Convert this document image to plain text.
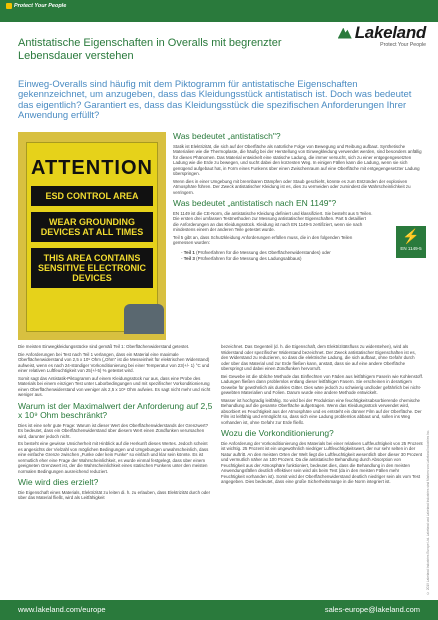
Protect Your People
Lakeland
Protect Your People
Antistatische Eigenschaften in Overalls mit begrenzter Lebensdauer verstehen
Einweg-Overalls sind häufig mit dem Piktogramm für antistatische Eigenschaften gekennzeichnet, um anzugeben, dass das Kleidungsstück antistatisch ist. Doch was bedeutet das eigentlich? Garantiert es, dass das Kleidungsstück die spezifischen Anforderungen Ihrer Anwendung erfüllt?
ATTENTION
ESD CONTROL AREA
WEAR GROUNDING DEVICES AT ALL TIMES
THIS AREA CONTAINS SENSITIVE ELECTRONIC DEVICES
Was bedeutet „antistatisch"?

Statik ist Elektrizität, die sich auf der Oberfläche als natürliche Folge von Bewegung und Reibung aufbaut. Synthetische Materialien wie die Thermoplaste, die häufig bei der Herstellung von Einwegkleidung verwendet werden, sind besonders anfällig für dieses Phänomen. Das Material entwickelt eine statische Ladung, die immer versucht, sich zu einer entgegengesetzten Ladung wie die Erde zu bewegen, und sucht dabei den kürzesten Weg. In einigen Fällen kann die Ladung, wenn sie sich genügend aufgebaut hat, in Form eines Funkens über einen Zwischenraum auf eine Oberfläche mit entgegengesetzter Ladung überspringen.

Wenn dies in einer Umgebung mit brennbaren Dämpfen oder Staub geschieht, könnte es zum Entzünden der explosiven Atmosphäre führen. Der Zweck antistatischer Kleidung ist es, dies zu vermeiden oder zumindest die Wahrscheinlichkeit zu verringern.

Was bedeutet „antistatisch nach EN 1149"?

EN 1149 ist die CE-Norm, die antistatische Kleidung definiert und klassifiziert. Sie besteht aus 5 Teilen. Die ersten drei umfassen Testmethoden zur Messung antistatischer Eigenschaften. Part 5 detailliert die Anforderungen an das Kleidungsstück. Kleidung ist nach EN 1149-5 zertifiziert, wenn sie nach mindestens einem der anderen Teile getestet wurde.

Teil 5 gibt an, dass Schutzkleidung Anforderungen erfüllen muss, die in den folgenden Teilen gemessen wurden:

- Teil 1 (Prüfverfahren für die Messung des Oberflächenwiderstandes) oder
- Teil 3 (Prüfverfahren für die Messung des Ladungsabbaus)
⚡
EN 1149-5

Die meisten Einwegkleidungsstücke sind gemäß Teil 1: Oberflächenwiderstand getestet.

Die Anforderungen bei Test nach Teil 1 verlangen, dass ein Material eine maximale Oberflächenwiderstand von 2,5 x 10⁹ Ohm („Ohm" ist die Messeinheit für elektrischen Widerstand) aufweist, wenn es nach 24-stündiger Vorkonditionierung bei einer Temperatur von 23(+/- 1) °C und einer relativen Luftfeuchtigkeit von 25(+/-5) % getestet wird.

Somit sagt das Antistatik-Piktogramm auf einem Kleidungsstück nur aus, dass eine Probe des Materials bei einem einzigen Test unter Laborbedingungen und mit spezifischer Vorkonditionierung einen Oberflächenwiderstand von weniger als 2,5 x 10⁹ Ohm aufwies. Es sagt nicht mehr und nicht weniger aus.

Warum ist der Maximalwert der Anforderung auf 2,5 x 10⁹ Ohm beschränkt?

Dies ist eine sehr gute Frage: Warum ist dieser Wert des Oberflächenwiderstands der Grenzwert? Es bedeutet, dass ein Oberflächenwiderstand über diesem Wert einen Zündfunken verursachen wird, darunter jedoch nicht.

Es besteht eine gewisse Unsicherheit mit Hinblick auf die Herkunft dieses Wertes. Jedoch scheint es angesichts der Vielzahl von möglichen Bedingungen und Umgebungen unwahrscheinlich, dass eine einfache Grenze zwischen „Funke oder kein Funke" so einfach und klar sein könnte. Es ist vermutlich eher eine Frage der Wahrscheinlichkeit, es wurde einmal festgelegt, dass über einem geeigneten Grenzwert ist, der die Wahrscheinlichkeit eines statischen Funkens unter den meisten normalen Bedingungen ausreichend reduziert.

Wie wird dies erzielt?

Die Eigenschaft eines Materials, Elektrizität zu leiten di. h. zu erlauben, dass Elektrizität durch oder über das Material fließt, wird als Leitfähigkeit

bezeichnet. Das Gegenteil (d. h. die Eigenschaft, dem Elektrizitätsfluss zu widerstehen), wird als Widerstand oder spezifischer Widerstand bezeichnet. Der Zweck antistatischer Eigenschaften ist es, den Widerstand zu reduzieren, so dass die elektrische Ladung, die sich aufbaut, ohne Gefahr durch oder über das Material und zur Erde fließen kann, anstatt, dass sie auf eine andere Oberfläche überspringt und dabei einen Zündfunken hervorruft.

Bei Gewebe ist die übliche Methode das Einflechten von Fäden aus leitfähigem Faserin wie Kohlenstoff. Ladungen fließen dann problemlos entlang dieser leitfähigen Fasern. Sie erscheinen in derartigem Gewebe für gewöhnlich als dunkles Gitter. Dies wäre jedoch zu schwierig und/oder gefährlich bei nicht-gewebten Materialien und Folien. Darum wurde eine andere Methode entwickelt.

Wasser ist hochgradig leitfähig. So wird bei der Produktion eine feuchtigkeitsabsorbierende chemische Behandlung auf die gesamte Oberfläche aufgetragen. Wenn das Kleidungsstück verwendet wird, absorbiert es Feuchtigkeit aus der Atmosphäre und es entsteht ein dünner Film auf der Oberfläche. Der Film ist leitfähig und ermöglicht so, dass sich eine Ladung problemlos abbaut und, sollen ins Weg vorhanden ist, ohne Gefahr zur Erde fließt.

Wozu die Vorkonditionierung?

Die Anforderung der Vorkonditionierung des Materials bei einer relativen Luftfeuchtigkeit von 25 Prozent ist wichtig. 25 Prozent ist ein ungewöhnlich niedriger Luftfeuchtigkeitswert, der nur sehr selten in der Natur auftritt. An den meisten Orten der Welt liegt die Luftfeuchtigkeit wesentlich über dieser 30 Prozent und vermutlich näher an 100 Prozent. Da die antistatische Behandlung durch Absorption von Feuchtigkeit aus der Atmosphäre funktioniert, bedeutet dies, dass die Behandlung in den meisten Anwendungsfällen deutlich effektiver sein wird als beim Test (da in den meisten Fällen mehr Feuchtigkeit vorhanden ist). Somit wird der Oberflächenwiderstand deutlich niedriger sein als vom Test angegeben. Dies bedeutet, dass eine große Sicherheitsmarge in die Norm integriert ist.	© 2019 Lakeland Industries Europe Ltd. Lakeland und Lakeland Industries sind Marken von Lakeland Industries Inc.
www.lakeland.com/europe	sales-europe@lakeland.com
